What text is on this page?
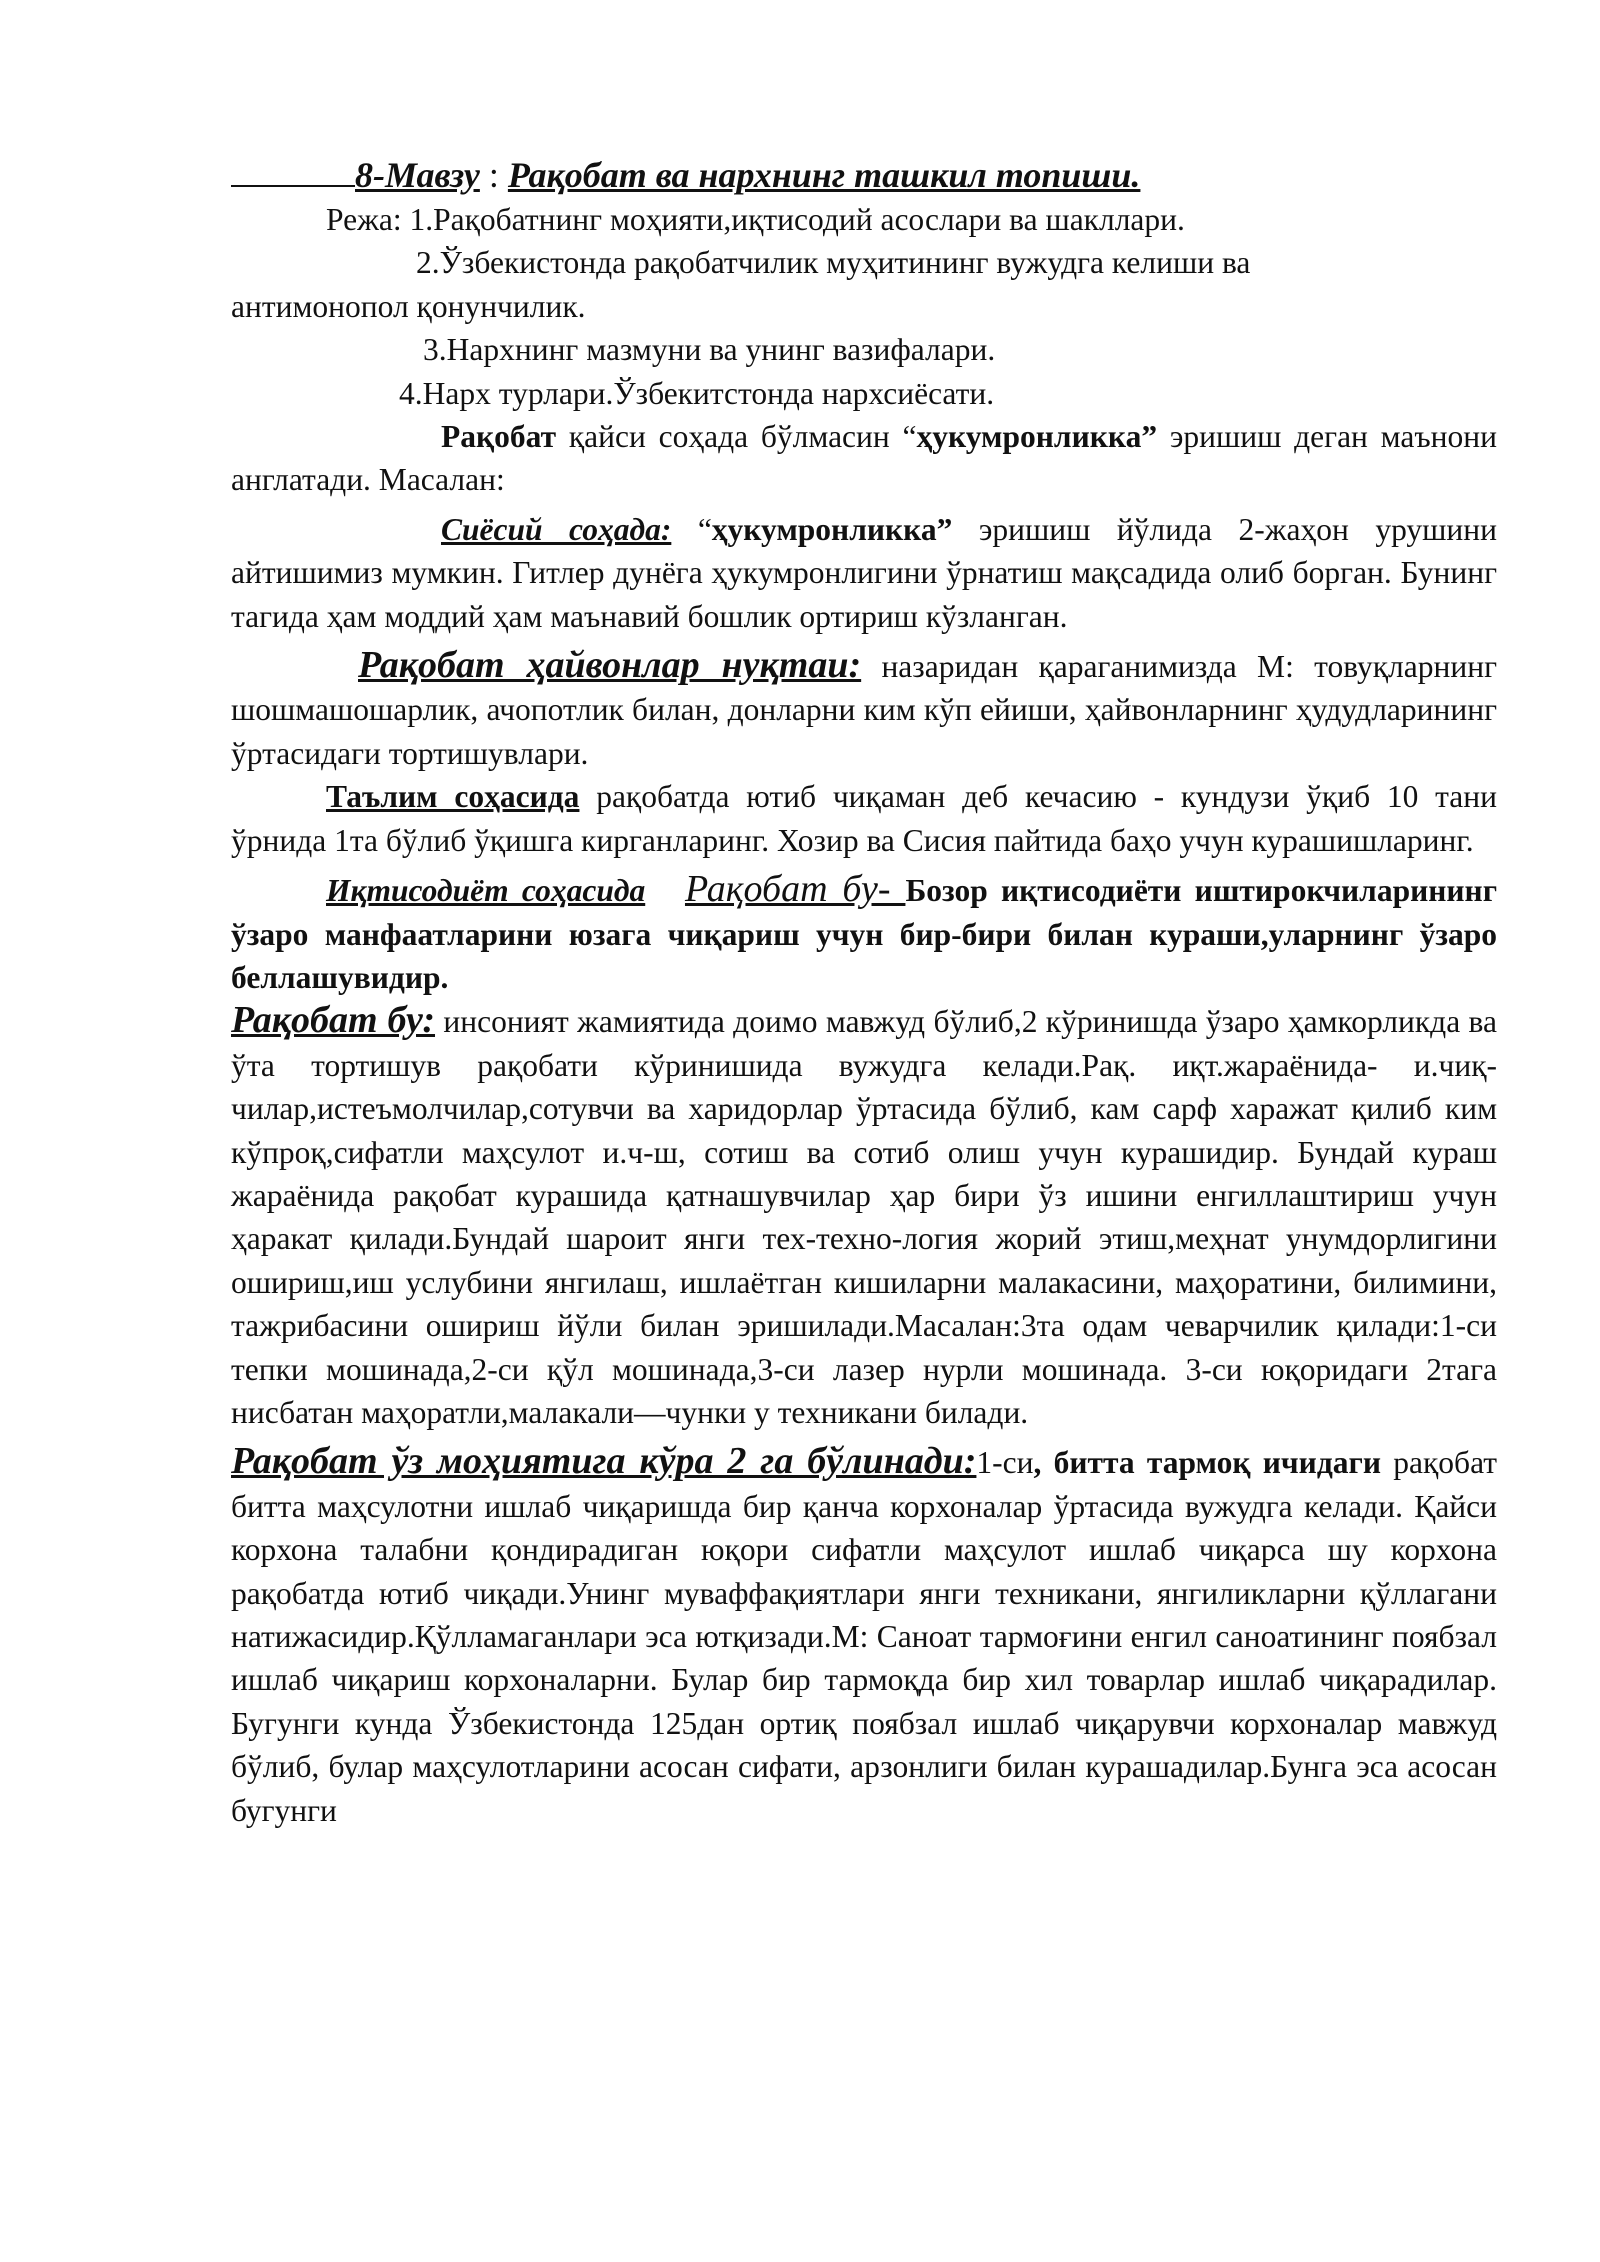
8-Мавзу : Рақобат ва нархнинг ташкил топиши.

Режа: 1.Рақобатнинг моҳияти,иқтисодий асослари ва шакллари.

2.Ўзбекистонда рақобатчилик муҳитининг вужудга келиши ва

антимонопол қонунчилик.

3.Нархнинг мазмуни ва унинг вазифалари.

4.Нарх турлари.Ўзбекитстонда нархсиёсати.

Рақобат қайси соҳада бўлмасин “ҳукумронликка” эришиш деган маънони англатади. Масалан:

Сиёсий соҳада: “ҳукумронликка” эришиш йўлида 2-жаҳон урушини айтишимиз мумкин. Гитлер дунёга ҳукумронлигини ўрнатиш мақсадида олиб борган. Бунинг тагида ҳам моддий ҳам маънавий бошлик ортириш кўзланган.

Рақобат ҳайвонлар нуқтаи: назаридан қараганимизда М: товуқларнинг шошмашошарлик, ачопотлик билан, донларни ким кўп ейиши, ҳайвонларнинг ҳудудларининг ўртасидаги тортишувлари.

Таълим соҳасида рақобатда ютиб чиқаман деб кечасию - кундузи ўқиб 10 тани ўрнида 1та бўлиб ўқишга кирганларинг. Хозир ва Сисия пайтида баҳо учун курашишларинг.

Иқтисодиёт соҳасида Рақобат бу- Бозор иқтисодиёти иштирокчиларининг ўзаро манфаатларини юзага чиқариш учун бир-бири билан кураши,уларнинг ўзаро беллашувидир.

Рақобат бу: инсоният жамиятида доимо мавжуд бўлиб,2 кўринишда ўзаро ҳамкорликда ва ўта тортишув рақобати кўринишида вужудга келади.Рақ. иқт.жараёнида- и.чиқ-чилар,истеъмолчилар,сотувчи ва харидорлар ўртасида бўлиб, кам сарф харажат қилиб ким кўпроқ,сифатли маҳсулот и.ч-ш, сотиш ва сотиб олиш учун курашидир. Бундай кураш жараёнида рақобат курашида қатнашувчилар ҳар бири ўз ишини енгиллаштириш учун ҳаракат қилади.Бундай шароит янги тех-техно-логия жорий этиш,меҳнат унумдорлигини ошириш,иш услубини янгилаш, ишлаётган кишиларни малакасини, маҳоратини, билимини, тажрибасини ошириш йўли билан эришилади.Масалан:3та одам чеварчилик қилади:1-си тепки мошинада,2-си қўл мошинада,3-си лазер нурли мошинада. 3-си юқоридаги 2тага нисбатан маҳоратли,малакали—чунки у техникани билади.

Рақобат ўз моҳиятига кўра 2 га бўлинади:1-си, битта тармоқ ичидаги рақобат битта маҳсулотни ишлаб чиқаришда бир қанча корхоналар ўртасида вужудга келади. Қайси корхона талабни қондирадиган юқори сифатли маҳсулот ишлаб чиқарса шу корхона рақобатда ютиб чиқади.Унинг муваффақиятлари янги техникани, янгиликларни қўллагани натижасидир.Қўлламаганлари эса ютқизади.М: Саноат тармоғини енгил саноатининг поябзал ишлаб чиқариш корхоналарни. Булар бир тармоқда бир хил товарлар ишлаб чиқарадилар. Бугунги кунда Ўзбекистонда 125дан ортиқ поябзал ишлаб чиқарувчи корхоналар мавжуд бўлиб, булар маҳсулотларини асосан сифати, арзонлиги билан курашадилар.Бунга эса асосан бугунги
